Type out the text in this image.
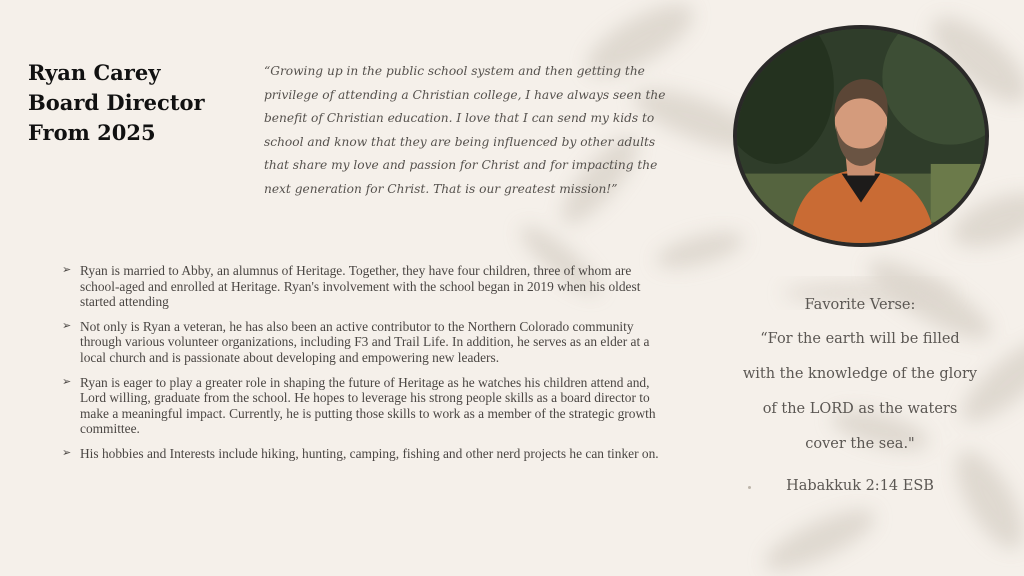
Ryan Carey
Board Director
From 2025
“Growing up in the public school system and then getting the privilege of attending a Christian college, I have always seen the benefit of Christian education. I love that I can send my kids to school and know that they are being influenced by other adults that share my love and passion for Christ and for impacting the next generation for Christ. That is our greatest mission!”
➢ Ryan is married to Abby, an alumnus of Heritage. Together, they have four children, three of whom are school-aged and enrolled at Heritage. Ryan's involvement with the school began in 2019 when his oldest started attending
➢ Not only is Ryan a veteran, he has also been an active contributor to the Northern Colorado community through various volunteer organizations, including F3 and Trail Life. In addition, he serves as an elder at a local church and is passionate about developing and empowering new leaders.
➢ Ryan is eager to play a greater role in shaping the future of Heritage as he watches his children attend and, Lord willing, graduate from the school. He hopes to leverage his strong people skills as a board director to make a meaningful impact. Currently, he is putting those skills to work as a member of the strategic growth committee.
➢ His hobbies and Interests include hiking, hunting, camping, fishing and other nerd projects he can tinker on.
Favorite Verse:
“For the earth will be filled with the knowledge of the glory of the LORD as the waters cover the sea."
Habakkuk 2:14 ESB
